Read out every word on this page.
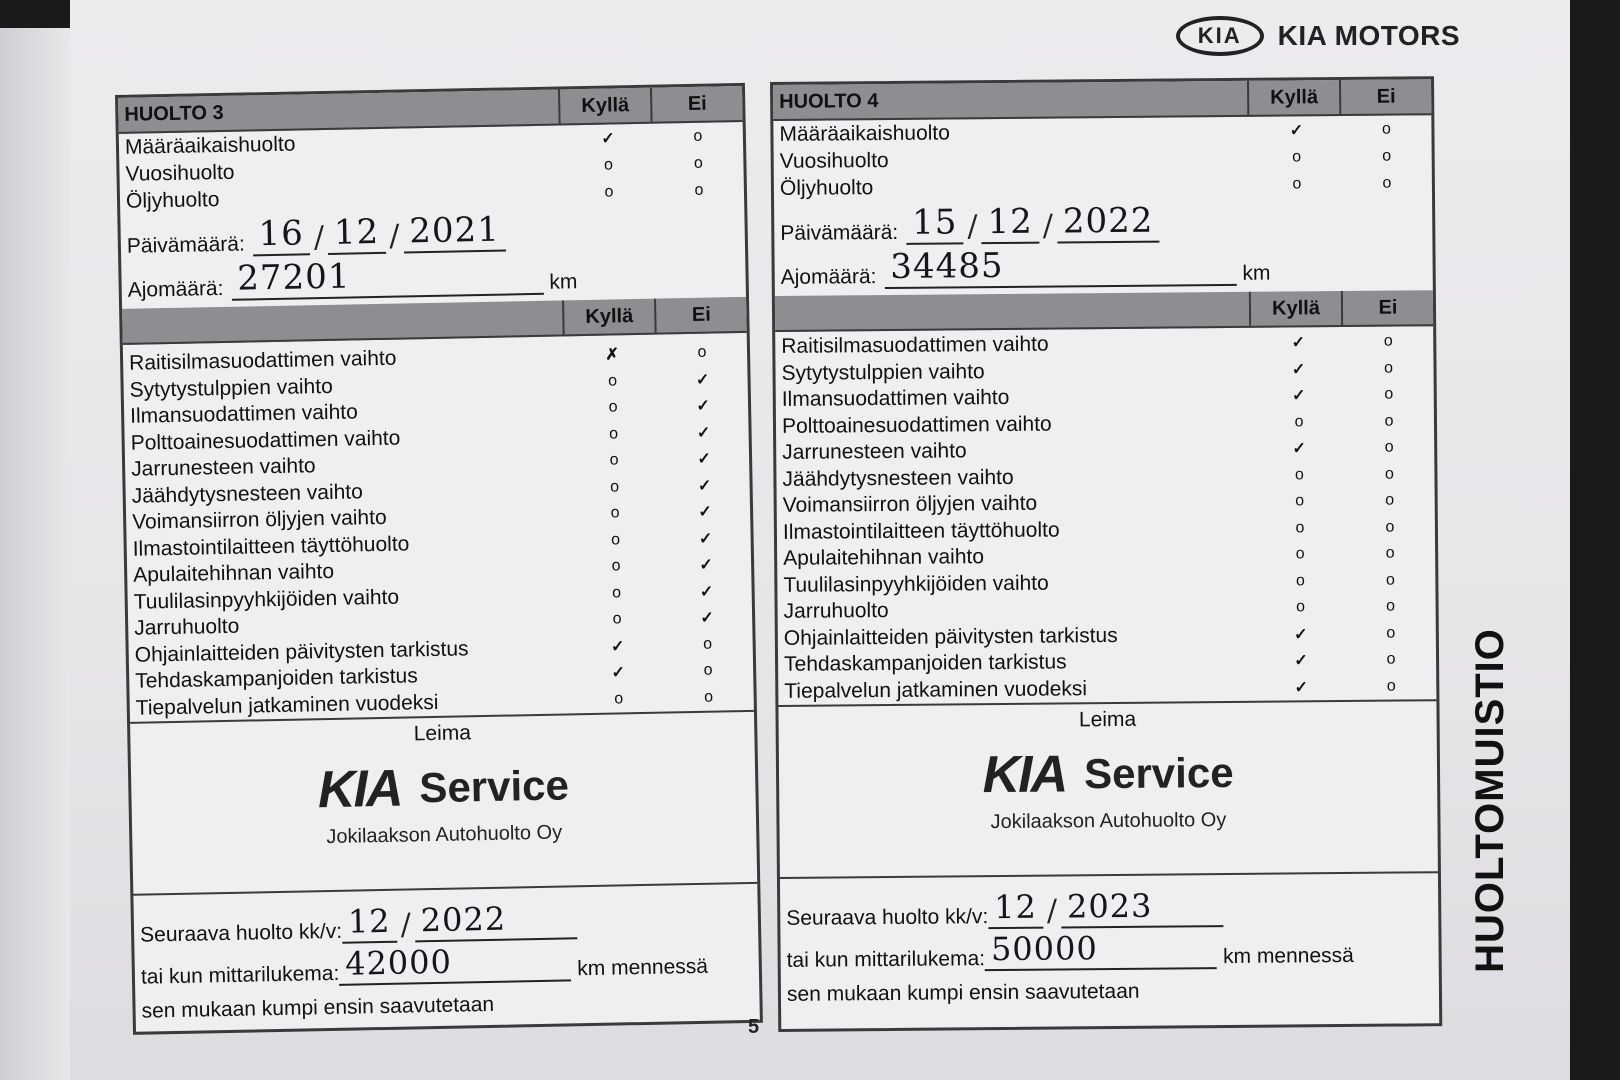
KIA	KIA MOTORS
HUOLTO 3	Kyllä	Ei
Määräaikaishuolto	✓	o
Vuosihuolto	o	o
Öljyhuolto	o	o
Päivämäärä: 16 / 12 / 2021
Ajomäärä: 27201	km
Kyllä	Ei
Raitisilmasuodattimen vaihto	✗	o
Sytytystulppien vaihto	o	✓
Ilmansuodattimen vaihto	o	✓
Polttoainesuodattimen vaihto	o	✓
Jarrunesteen vaihto	o	✓
Jäähdytysnesteen vaihto	o	✓
Voimansiirron öljyjen vaihto	o	✓
Ilmastointilaitteen täyttöhuolto	o	✓
Apulaitehihnan vaihto	o	✓
Tuulilasinpyyhkijöiden vaihto	o	✓
Jarruhuolto	o	✓
Ohjainlaitteiden päivitysten tarkistus	✓	o
Tehdaskampanjoiden tarkistus	✓	o
Tiepalvelun jatkaminen vuodeksi	o	o
Leima
KIA Service
Jokilaakson Autohuolto Oy
Seuraava huolto kk/v: 12 / 2022
tai kun mittarilukema: 42000	km mennessä
sen mukaan kumpi ensin saavutetaan
HUOLTO 4	Kyllä	Ei
Määräaikaishuolto	✓	o
Vuosihuolto	o	o
Öljyhuolto	o	o
Päivämäärä: 15 / 12 / 2022
Ajomäärä: 34485	km
Kyllä	Ei
Raitisilmasuodattimen vaihto	✓	o
Sytytystulppien vaihto	✓	o
Ilmansuodattimen vaihto	✓	o
Polttoainesuodattimen vaihto	o	o
Jarrunesteen vaihto	✓	o
Jäähdytysnesteen vaihto	o	o
Voimansiirron öljyjen vaihto	o	o
Ilmastointilaitteen täyttöhuolto	o	o
Apulaitehihnan vaihto	o	o
Tuulilasinpyyhkijöiden vaihto	o	o
Jarruhuolto	o	o
Ohjainlaitteiden päivitysten tarkistus	✓	o
Tehdaskampanjoiden tarkistus	✓	o
Tiepalvelun jatkaminen vuodeksi	✓	o
Leima
KIA Service
Jokilaakson Autohuolto Oy
Seuraava huolto kk/v: 12 / 2023
tai kun mittarilukema: 50000	km mennessä
sen mukaan kumpi ensin saavutetaan
HUOLTOMUISTIO
5
